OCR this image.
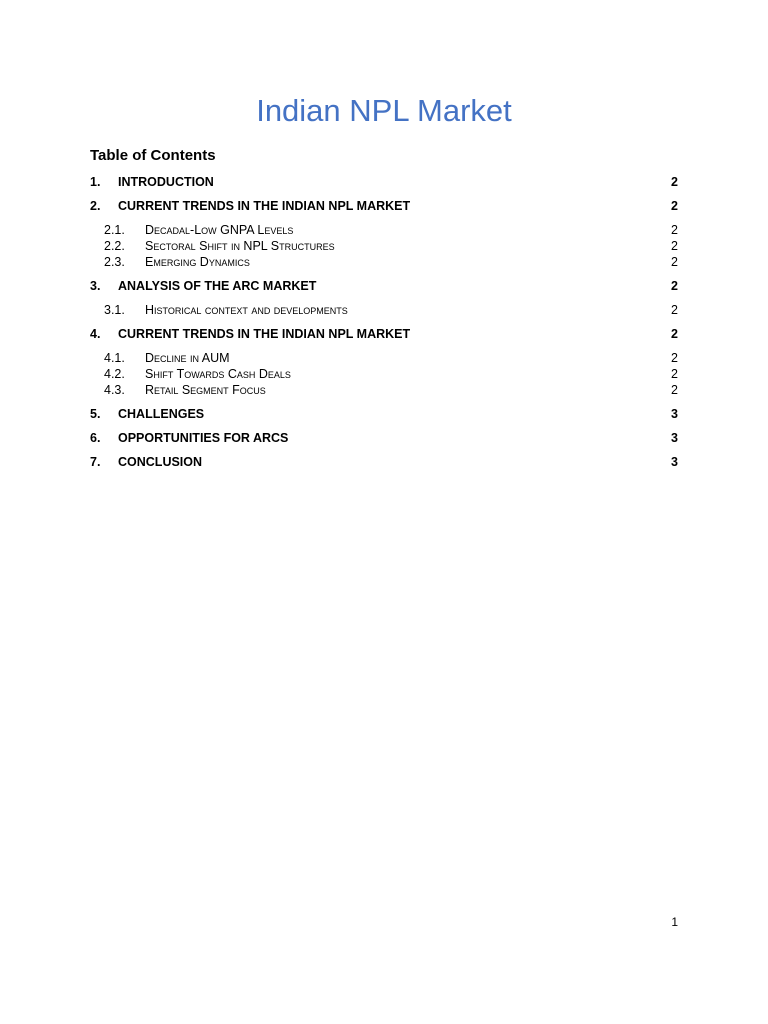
Indian NPL Market
Table of Contents
1. INTRODUCTION	2
2. CURRENT TRENDS IN THE INDIAN NPL MARKET	2
2.1. Decadal-Low GNPA Levels	2
2.2. Sectoral Shift in NPL Structures	2
2.3. Emerging Dynamics	2
3. ANALYSIS OF THE ARC MARKET	2
3.1. Historical context and developments	2
4. CURRENT TRENDS IN THE INDIAN NPL MARKET	2
4.1. Decline in AUM	2
4.2. Shift Towards Cash Deals	2
4.3. Retail Segment Focus	2
5. CHALLENGES	3
6. OPPORTUNITIES FOR ARCS	3
7. CONCLUSION	3
1
